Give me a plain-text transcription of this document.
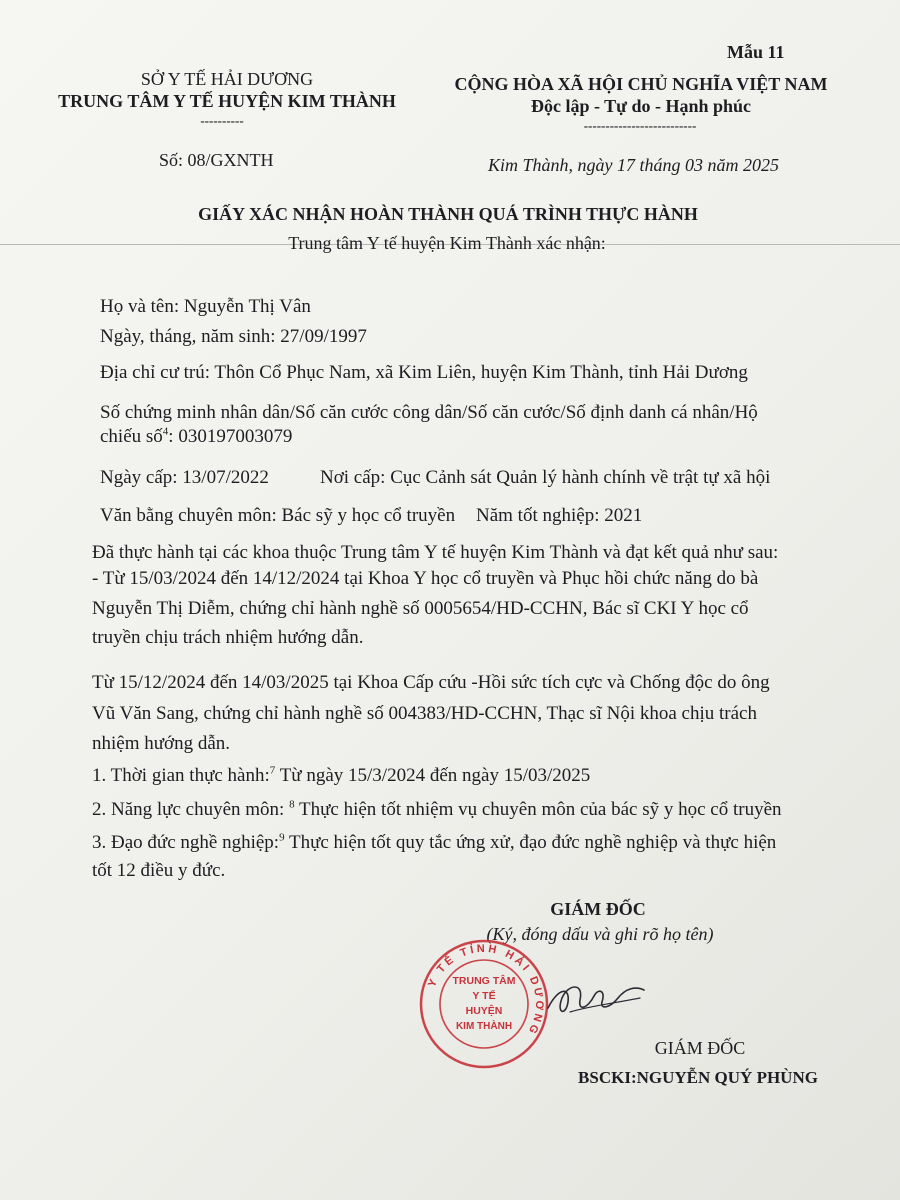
Mẫu 11
SỞ Y TẾ HẢI DƯƠNG
TRUNG TÂM Y TẾ HUYỆN KIM THÀNH
----------
CỘNG HÒA XÃ HỘI CHỦ NGHĨA VIỆT NAM
Độc lập - Tự do - Hạnh phúc
--------------------------
Số: 08/GXNTH	Kim Thành, ngày 17 tháng 03 năm 2025
GIẤY XÁC NHẬN HOÀN THÀNH QUÁ TRÌNH THỰC HÀNH
Trung tâm Y tế huyện Kim Thành xác nhận:
Họ và tên: Nguyễn Thị Vân
Ngày, tháng, năm sinh: 27/09/1997
Địa chỉ cư trú: Thôn Cổ Phục Nam, xã Kim Liên, huyện Kim Thành, tỉnh Hải Dương
Số chứng minh nhân dân/Số căn cước công dân/Số căn cước/Số định danh cá nhân/Hộ
chiếu số$^4$: 030197003079
Ngày cấp: 13/07/2022	Nơi cấp: Cục Cảnh sát Quản lý hành chính về trật tự xã hội
Văn bằng chuyên môn: Bác sỹ y học cổ truyền Năm tốt nghiệp: 2021
Đã thực hành tại các khoa thuộc Trung tâm Y tế huyện Kim Thành và đạt kết quả như sau:
- Từ 15/03/2024 đến 14/12/2024 tại Khoa Y học cổ truyền và Phục hồi chức năng do bà
Nguyễn Thị Diễm, chứng chỉ hành nghề số 0005654/HD-CCHN, Bác sĩ CKI Y học cổ
truyền chịu trách nhiệm hướng dẫn.
Từ 15/12/2024 đến 14/03/2025 tại Khoa Cấp cứu -Hồi sức tích cực và Chống độc do ông
Vũ Văn Sang, chứng chỉ hành nghề số 004383/HD-CCHN, Thạc sĩ Nội khoa chịu trách
nhiệm hướng dẫn.
1. Thời gian thực hành:$^7$ Từ ngày 15/3/2024 đến ngày 15/03/2025
2. Năng lực chuyên môn: $^8$ Thực hiện tốt nhiệm vụ chuyên môn của bác sỹ y học cổ truyền
3. Đạo đức nghề nghiệp:$^9$ Thực hiện tốt quy tắc ứng xử, đạo đức nghề nghiệp và thực hiện
tốt 12 điều y đức.
GIÁM ĐỐC
(Ký, đóng dấu và ghi rõ họ tên)
Y TẾ TỈNH HẢI DƯƠNG
TRUNG TÂM
Y TẾ
HUYỆN
KIM THÀNH
GIÁM ĐỐC
BSCKI:NGUYỄN QUÝ PHÙNG
